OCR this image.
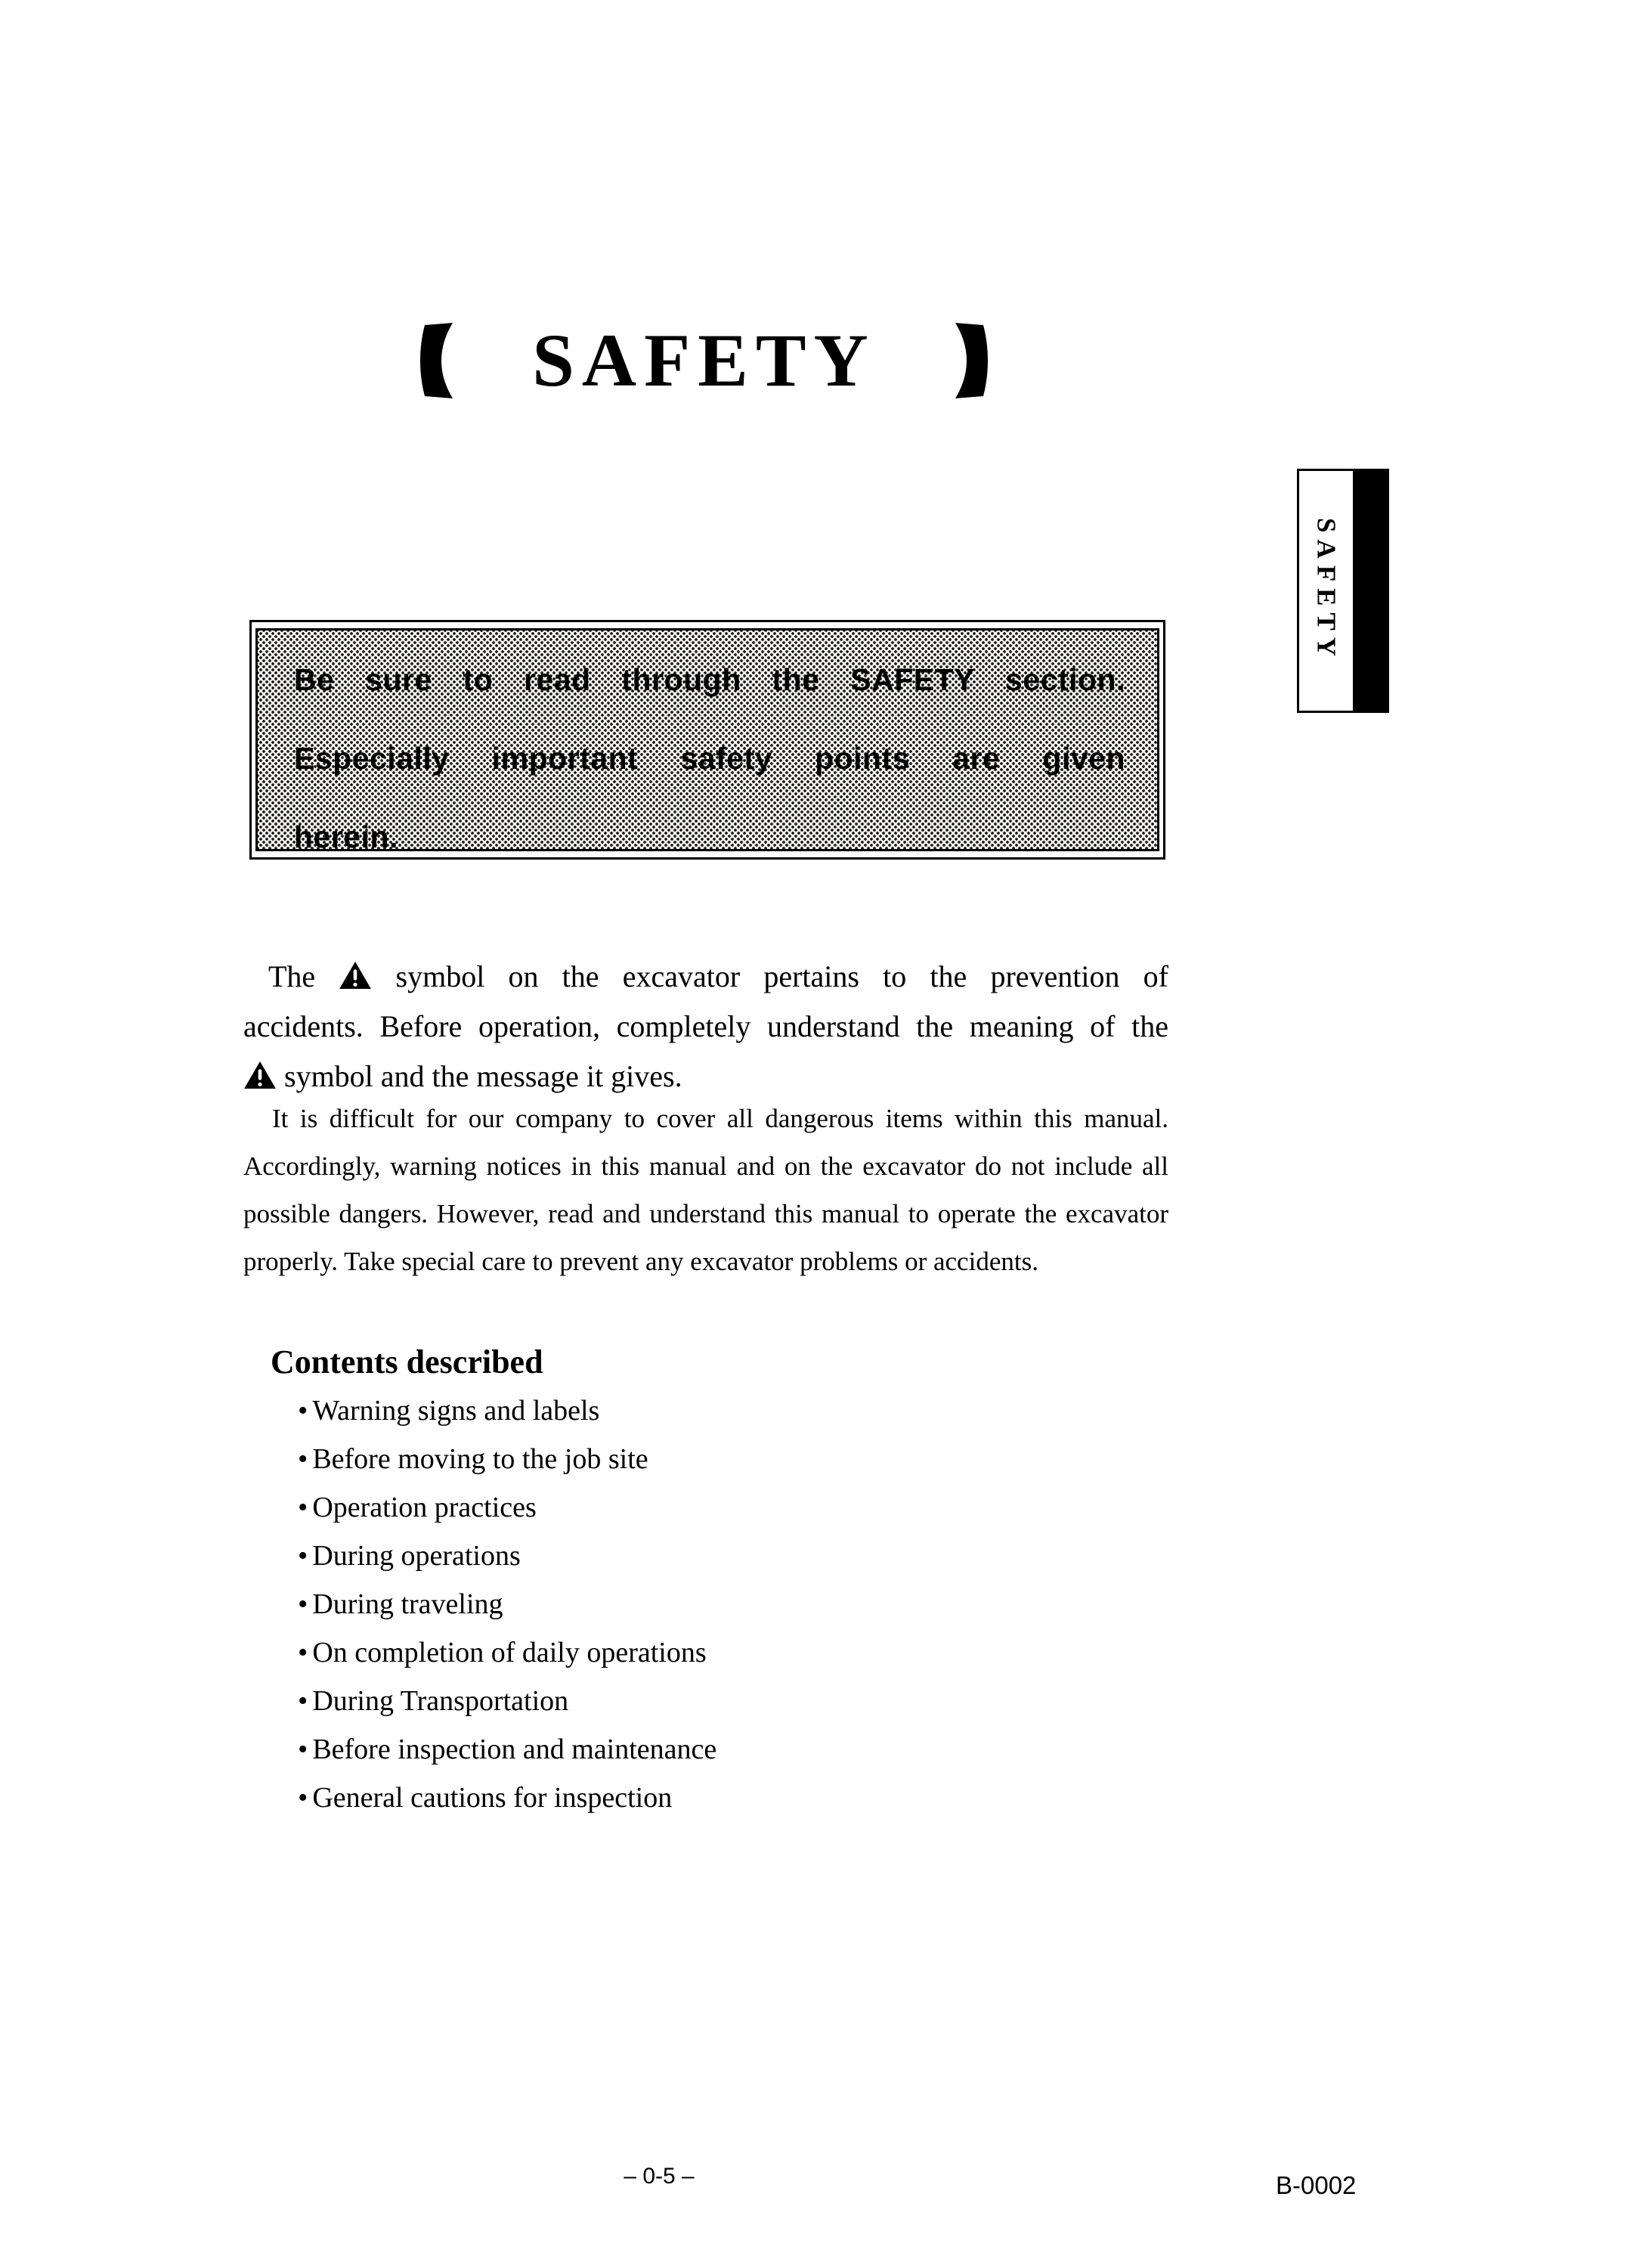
SAFETY
SAFETY
Be sure to read through the SAFETY section.
Especially important safety points are given
herein.
The	symbol on the excavator pertains to the prevention of
accidents. Before operation, completely understand the meaning of the
symbol and the message it gives.
It is difficult for our company to cover all dangerous items within this manual.
Accordingly, warning notices in this manual and on the excavator do not include all
possible dangers. However, read and understand this manual to operate the excavator
properly. Take special care to prevent any excavator problems or accidents.
Contents described
• Warning signs and labels
• Before moving to the job site
• Operation practices
• During operations
• During traveling
• On completion of daily operations
• During Transportation
• Before inspection and maintenance
• General cautions for inspection
– 0-5 –	B-0002
